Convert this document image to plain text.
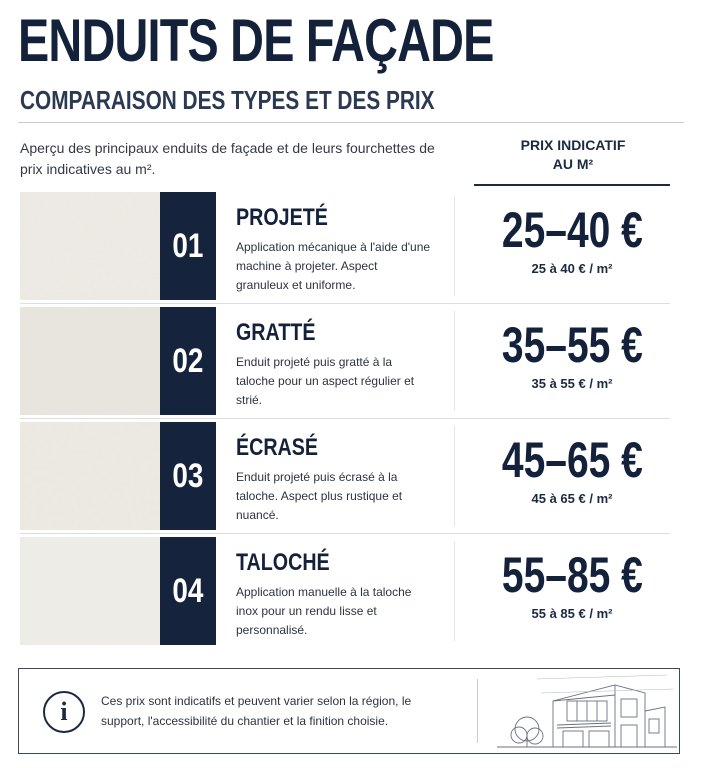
ENDUITS DE FAÇADE
COMPARAISON DES TYPES ET DES PRIX

Aperçu des principaux enduits de façade et de leurs fourchettes de prix indicatives au m².

PRIX INDICATIF
AU M²
01
PROJETÉ
Application mécanique à l'aide d'une machine à projeter. Aspect granuleux et uniforme.
25–40 €
25 à 40 € / m²
02
GRATTÉ
Enduit projeté puis gratté à la taloche pour un aspect régulier et strié.
35–55 €
35 à 55 € / m²
03
ÉCRASÉ
Enduit projeté puis écrasé à la taloche. Aspect plus rustique et nuancé.
45–65 €
45 à 65 € / m²
04
TALOCHÉ
Application manuelle à la taloche inox pour un rendu lisse et personnalisé.
55–85 €
55 à 85 € / m²
i	Ces prix sont indicatifs et peuvent varier selon la région, le support, l'accessibilité du chantier et la finition choisie.
